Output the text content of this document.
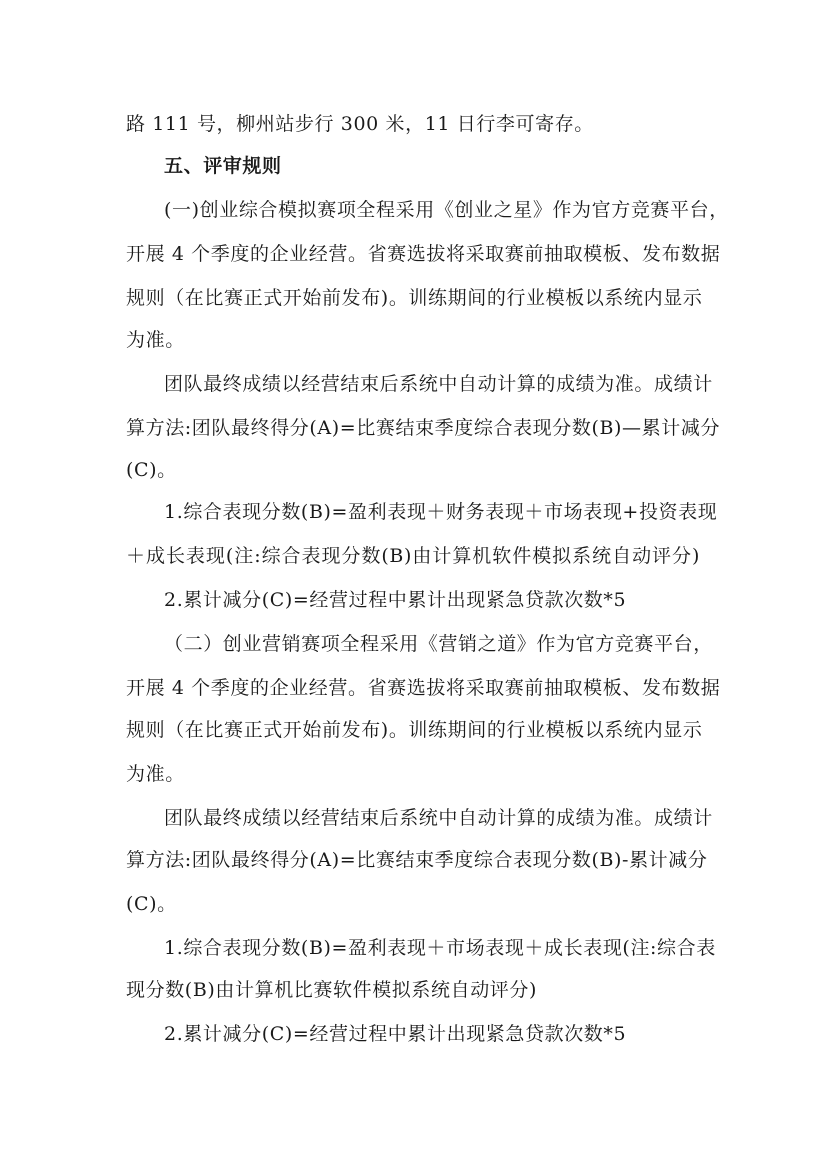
路 111 号，柳州站步行 300 米，11 日行李可寄存。
五、评审规则
(一)创业综合模拟赛项全程采用《创业之星》作为官方竞赛平台，
开展 4 个季度的企业经营。省赛选拔将采取赛前抽取模板、发布数据
规则（在比赛正式开始前发布)。训练期间的行业模板以系统内显示
为准。
团队最终成绩以经营结束后系统中自动计算的成绩为准。成绩计
算方法:团队最终得分(A)=比赛结束季度综合表现分数(B)—累计减分
(C)。
1.综合表现分数(B)=盈利表现＋财务表现＋市场表现+投资表现
＋成长表现(注:综合表现分数(B)由计算机软件模拟系统自动评分)
2.累计减分(C)=经营过程中累计出现紧急贷款次数*5
（二）创业营销赛项全程采用《营销之道》作为官方竞赛平台，
开展 4 个季度的企业经营。省赛选拔将采取赛前抽取模板、发布数据
规则（在比赛正式开始前发布)。训练期间的行业模板以系统内显示
为准。
团队最终成绩以经营结束后系统中自动计算的成绩为准。成绩计
算方法:团队最终得分(A)=比赛结束季度综合表现分数(B)-累计减分
(C)。
1.综合表现分数(B)=盈利表现＋市场表现＋成长表现(注:综合表
现分数(B)由计算机比赛软件模拟系统自动评分)
2.累计减分(C)=经营过程中累计出现紧急贷款次数*5
